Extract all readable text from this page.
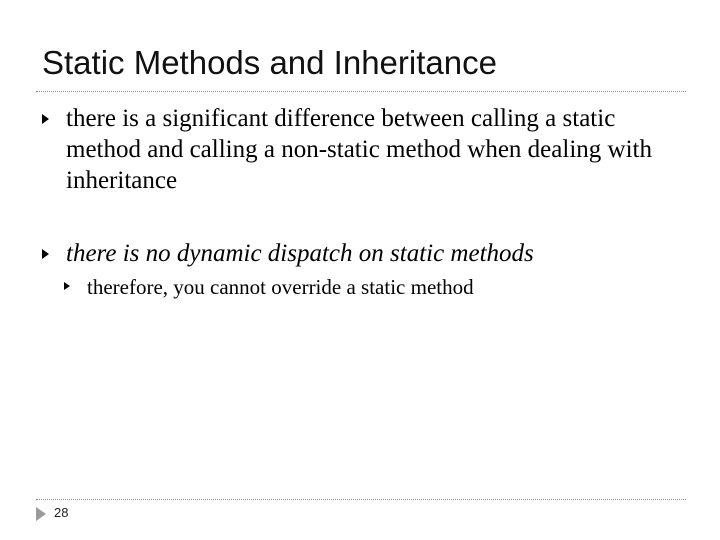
Static Methods and Inheritance
there is a significant difference between calling a static method and calling a non-static method when dealing with inheritance
there is no dynamic dispatch on static methods
therefore, you cannot override a static method
28
